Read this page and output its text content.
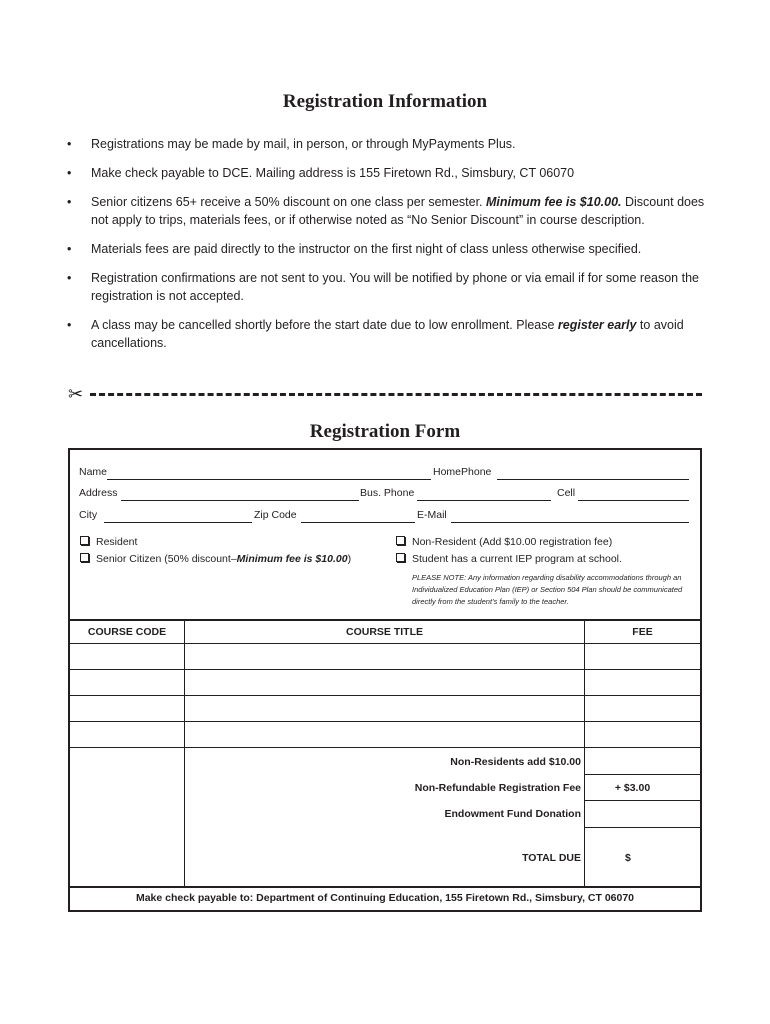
Registration Information
• Registrations may be made by mail, in person, or through MyPayments Plus.
• Make check payable to DCE. Mailing address is 155 Firetown Rd., Simsbury, CT 06070
• Senior citizens 65+ receive a 50% discount on one class per semester. Minimum fee is $10.00. Discount does not apply to trips, materials fees, or if otherwise noted as “No Senior Discount” in course description.
• Materials fees are paid directly to the instructor on the first night of class unless otherwise specified.
• Registration confirmations are not sent to you. You will be notified by phone or via email if for some reason the registration is not accepted.
• A class may be cancelled shortly before the start date due to low enrollment. Please register early to avoid cancellations.
✂
Registration Form
Name	HomePhone
Address	Bus. Phone	Cell
City	Zip Code	E-Mail
Resident
Senior Citizen (50% discount–Minimum fee is $10.00)
Non-Resident (Add $10.00 registration fee)
Student has a current IEP program at school.
PLEASE NOTE: Any information regarding disability accommodations through an Individualized Education Plan (IEP) or Section 504 Plan should be communicated directly from the student’s family to the teacher.
COURSE CODE	COURSE TITLE	FEE
Non-Residents add $10.00
Non-Refundable Registration Fee	+ $3.00
Endowment Fund Donation
TOTAL DUE	$
Make check payable to: Department of Continuing Education, 155 Firetown Rd., Simsbury, CT 06070
